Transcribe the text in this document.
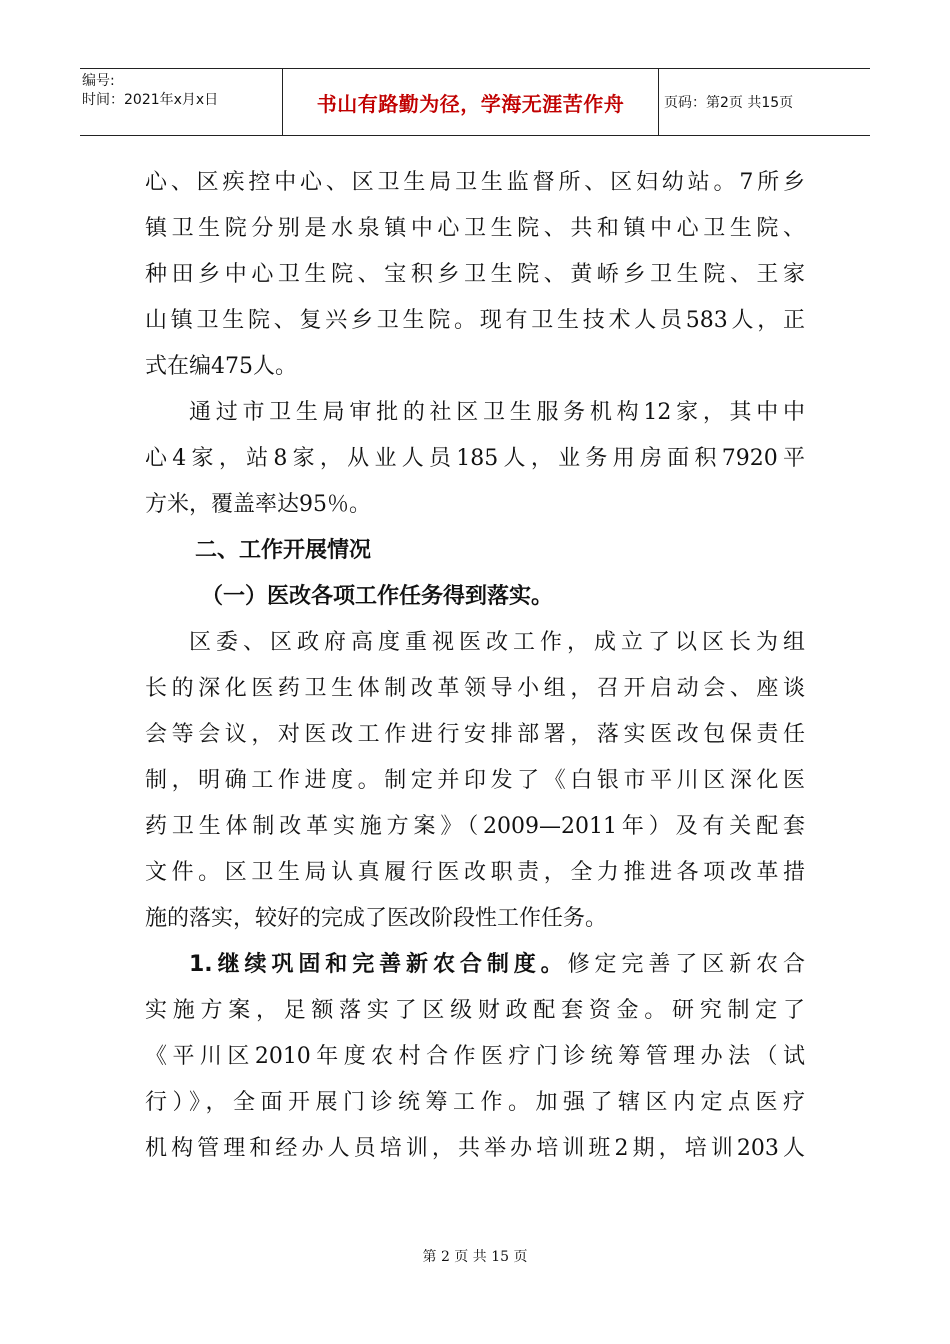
编号:
时间：2021年x月x日	书山有路勤为径，学海无涯苦作舟	页码：第2页 共15页
心、区疾控中心、区卫生局卫生监督所、区妇幼站。7所乡
镇卫生院分别是水泉镇中心卫生院、共和镇中心卫生院、
种田乡中心卫生院、宝积乡卫生院、黄峤乡卫生院、王家
山镇卫生院、复兴乡卫生院。现有卫生技术人员583人，正
式在编475人。
通过市卫生局审批的社区卫生服务机构12家，其中中
心4家，站8家，从业人员185人，业务用房面积7920平
方米，覆盖率达95％。
二、工作开展情况
（一）医改各项工作任务得到落实。
区委、区政府高度重视医改工作，成立了以区长为组
长的深化医药卫生体制改革领导小组，召开启动会、座谈
会等会议，对医改工作进行安排部署，落实医改包保责任
制，明确工作进度。制定并印发了《白银市平川区深化医
药卫生体制改革实施方案》（2009—2011年）及有关配套
文件。区卫生局认真履行医改职责，全力推进各项改革措
施的落实，较好的完成了医改阶段性工作任务。
1.继续巩固和完善新农合制度。修定完善了区新农合
实施方案，足额落实了区级财政配套资金。研究制定了
《平川区2010年度农村合作医疗门诊统筹管理办法（试
行）》，全面开展门诊统筹工作。加强了辖区内定点医疗
机构管理和经办人员培训，共举办培训班2期，培训203人
第 2 页 共 15 页
